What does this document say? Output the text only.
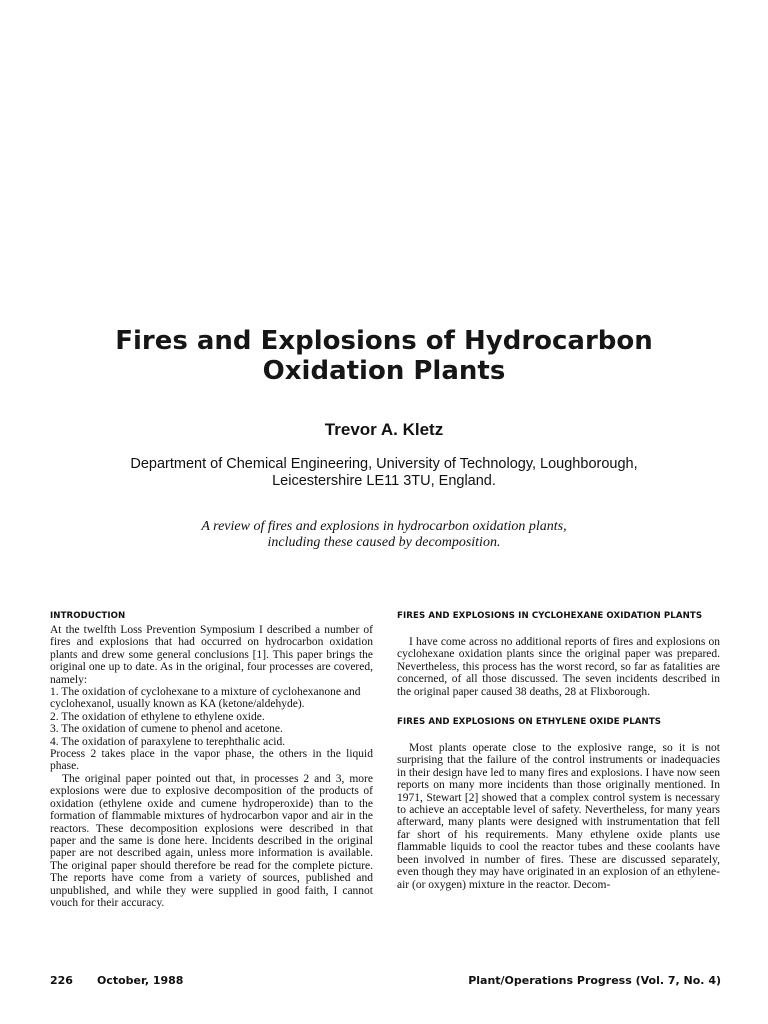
Fires and Explosions of Hydrocarbon
Oxidation Plants
Trevor A. Kletz
Department of Chemical Engineering, University of Technology, Loughborough,
Leicestershire LE11 3TU, England.
A review of fires and explosions in hydrocarbon oxidation plants,
including these caused by decomposition.
INTRODUCTION

At the twelfth Loss Prevention Symposium I described a number of fires and explosions that had occurred on hydrocarbon oxidation plants and drew some general conclusions [1]. This paper brings the original one up to date. As in the original, four processes are covered, namely:

1. The oxidation of cyclohexane to a mixture of cyclohexanone and cyclohexanol, usually known as KA (ketone/aldehyde).

2. The oxidation of ethylene to ethylene oxide.

3. The oxidation of cumene to phenol and acetone.

4. The oxidation of paraxylene to terephthalic acid.

Process 2 takes place in the vapor phase, the others in the liquid phase.

The original paper pointed out that, in processes 2 and 3, more explosions were due to explosive decomposition of the products of oxidation (ethylene oxide and cumene hydroperoxide) than to the formation of flammable mixtures of hydrocarbon vapor and air in the reactors. These decomposition explosions were described in that paper and the same is done here. Incidents described in the original paper are not described again, unless more information is available. The original paper should therefore be read for the complete picture. The reports have come from a variety of sources, published and unpublished, and while they were supplied in good faith, I cannot vouch for their accuracy.

FIRES AND EXPLOSIONS IN CYCLOHEXANE OXIDATION PLANTS

I have come across no additional reports of fires and explosions on cyclohexane oxidation plants since the original paper was prepared. Nevertheless, this process has the worst record, so far as fatalities are concerned, of all those discussed. The seven incidents described in the original paper caused 38 deaths, 28 at Flixborough.

FIRES AND EXPLOSIONS ON ETHYLENE OXIDE PLANTS

Most plants operate close to the explosive range, so it is not surprising that the failure of the control instruments or inadequacies in their design have led to many fires and explosions. I have now seen reports on many more incidents than those originally mentioned. In 1971, Stewart [2] showed that a complex control system is necessary to achieve an acceptable level of safety. Nevertheless, for many years afterward, many plants were designed with instrumentation that fell far short of his requirements. Many ethylene oxide plants use flammable liquids to cool the reactor tubes and these coolants have been involved in number of fires. These are discussed separately, even though they may have originated in an explosion of an ethylene-air (or oxygen) mixture in the reactor. Decom-

226 October, 1988	Plant/Operations Progress (Vol. 7, No. 4)
